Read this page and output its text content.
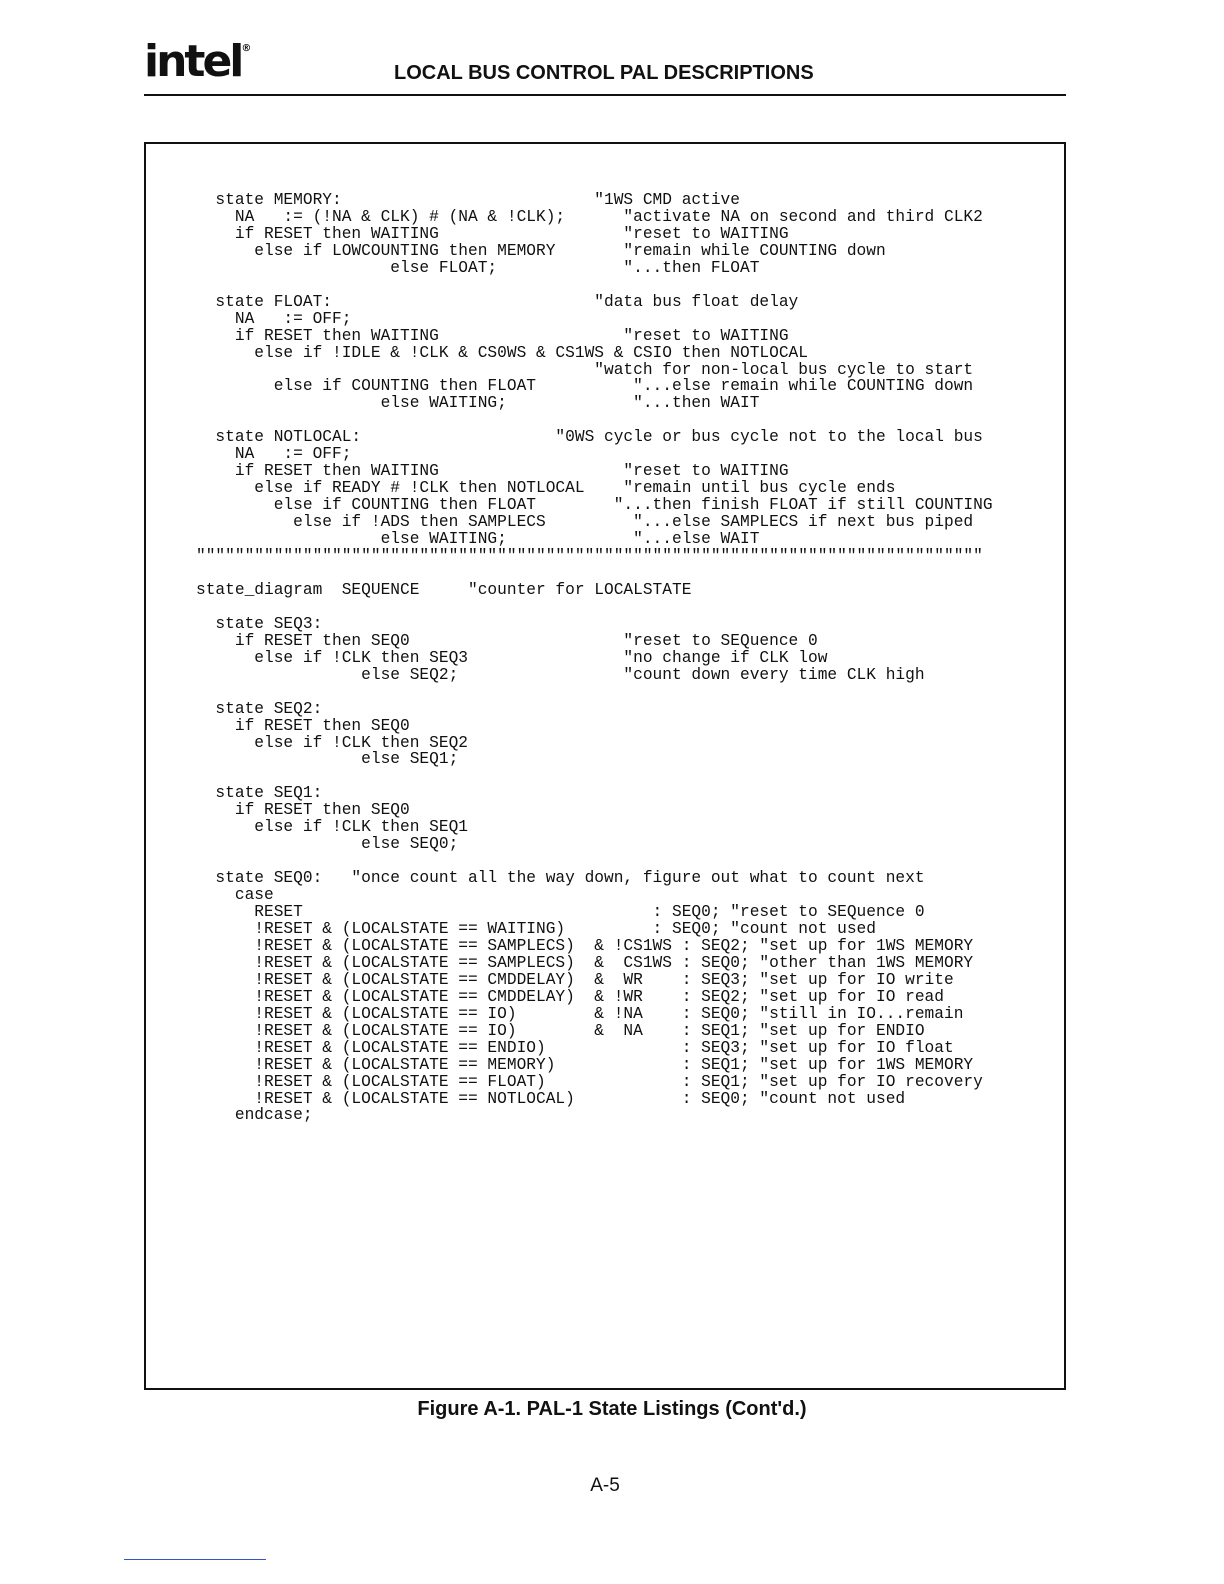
intel®
LOCAL BUS CONTROL PAL DESCRIPTIONS
state MEMORY:                          "1WS CMD active
NA   := (!NA & CLK) # (NA & !CLK);      "activate NA on second and third CLK2
if RESET then WAITING                   "reset to WAITING
else if LOWCOUNTING then MEMORY       "remain while COUNTING down
else FLOAT;             "...then FLOAT

state FLOAT:                           "data bus float delay
NA   := OFF;
if RESET then WAITING                   "reset to WAITING
else if !IDLE & !CLK & CS0WS & CS1WS & CSIO then NOTLOCAL
"watch for non-local bus cycle to start
else if COUNTING then FLOAT          "...else remain while COUNTING down
else WAITING;             "...then WAIT

state NOTLOCAL:                    "0WS cycle or bus cycle not to the local bus
NA   := OFF;
if RESET then WAITING                   "reset to WAITING
else if READY # !CLK then NOTLOCAL    "remain until bus cycle ends
else if COUNTING then FLOAT        "...then finish FLOAT if still COUNTING
else if !ADS then SAMPLECS         "...else SAMPLECS if next bus piped
else WAITING;             "...else WAIT
"""""""""""""""""""""""""""""""""""""""""""""""""""""""""""""""""""""""""""""""""

state_diagram  SEQUENCE     "counter for LOCALSTATE

state SEQ3:
if RESET then SEQ0                      "reset to SEQuence 0
else if !CLK then SEQ3                "no change if CLK low
else SEQ2;                 "count down every time CLK high

state SEQ2:
if RESET then SEQ0
else if !CLK then SEQ2
else SEQ1;

state SEQ1:
if RESET then SEQ0
else if !CLK then SEQ1
else SEQ0;

state SEQ0:   "once count all the way down, figure out what to count next
case
RESET                                    : SEQ0; "reset to SEQuence 0
!RESET & (LOCALSTATE == WAITING)         : SEQ0; "count not used
!RESET & (LOCALSTATE == SAMPLECS)  & !CS1WS : SEQ2; "set up for 1WS MEMORY
!RESET & (LOCALSTATE == SAMPLECS)  &  CS1WS : SEQ0; "other than 1WS MEMORY
!RESET & (LOCALSTATE == CMDDELAY)  &  WR    : SEQ3; "set up for IO write
!RESET & (LOCALSTATE == CMDDELAY)  & !WR    : SEQ2; "set up for IO read
!RESET & (LOCALSTATE == IO)        & !NA    : SEQ0; "still in IO...remain
!RESET & (LOCALSTATE == IO)        &  NA    : SEQ1; "set up for ENDIO
!RESET & (LOCALSTATE == ENDIO)              : SEQ3; "set up for IO float
!RESET & (LOCALSTATE == MEMORY)             : SEQ1; "set up for 1WS MEMORY
!RESET & (LOCALSTATE == FLOAT)              : SEQ1; "set up for IO recovery
!RESET & (LOCALSTATE == NOTLOCAL)           : SEQ0; "count not used
endcase;
Figure A-1. PAL-1 State Listings (Cont'd.)
A-5
